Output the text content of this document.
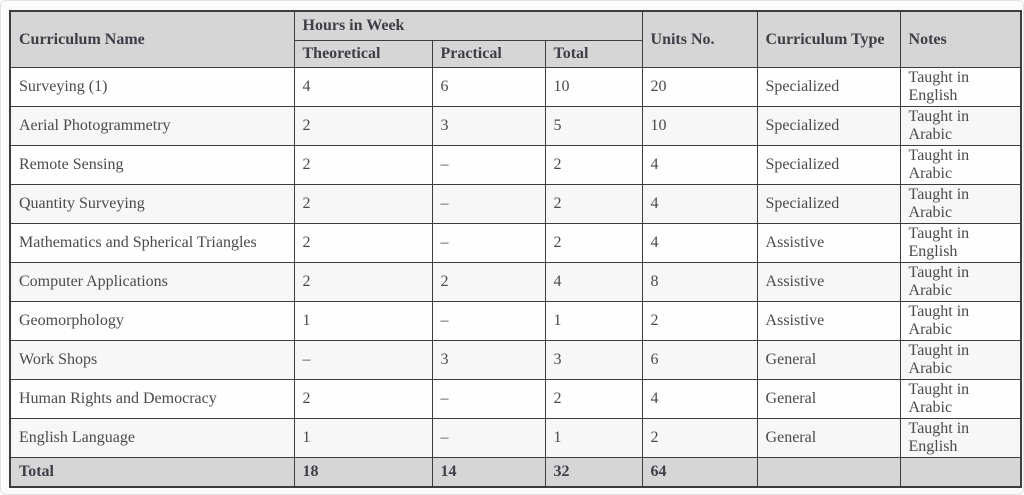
Curriculum Name	Hours in Week			Units No.	Curriculum Type	Notes
	Theoretical	Practical	Total			
Surveying (1)	4	6	10	20	Specialized	Taught in English
Aerial Photogrammetry	2	3	5	10	Specialized	Taught in Arabic
Remote Sensing	2	–	2	4	Specialized	Taught in Arabic
Quantity Surveying	2	–	2	4	Specialized	Taught in Arabic
Mathematics and Spherical Triangles	2	–	2	4	Assistive	Taught in English
Computer Applications	2	2	4	8	Assistive	Taught in Arabic
Geomorphology	1	–	1	2	Assistive	Taught in Arabic
Work Shops	–	3	3	6	General	Taught in Arabic
Human Rights and Democracy	2	–	2	4	General	Taught in Arabic
English Language	1	–	1	2	General	Taught in English
Total	18	14	32	64		
